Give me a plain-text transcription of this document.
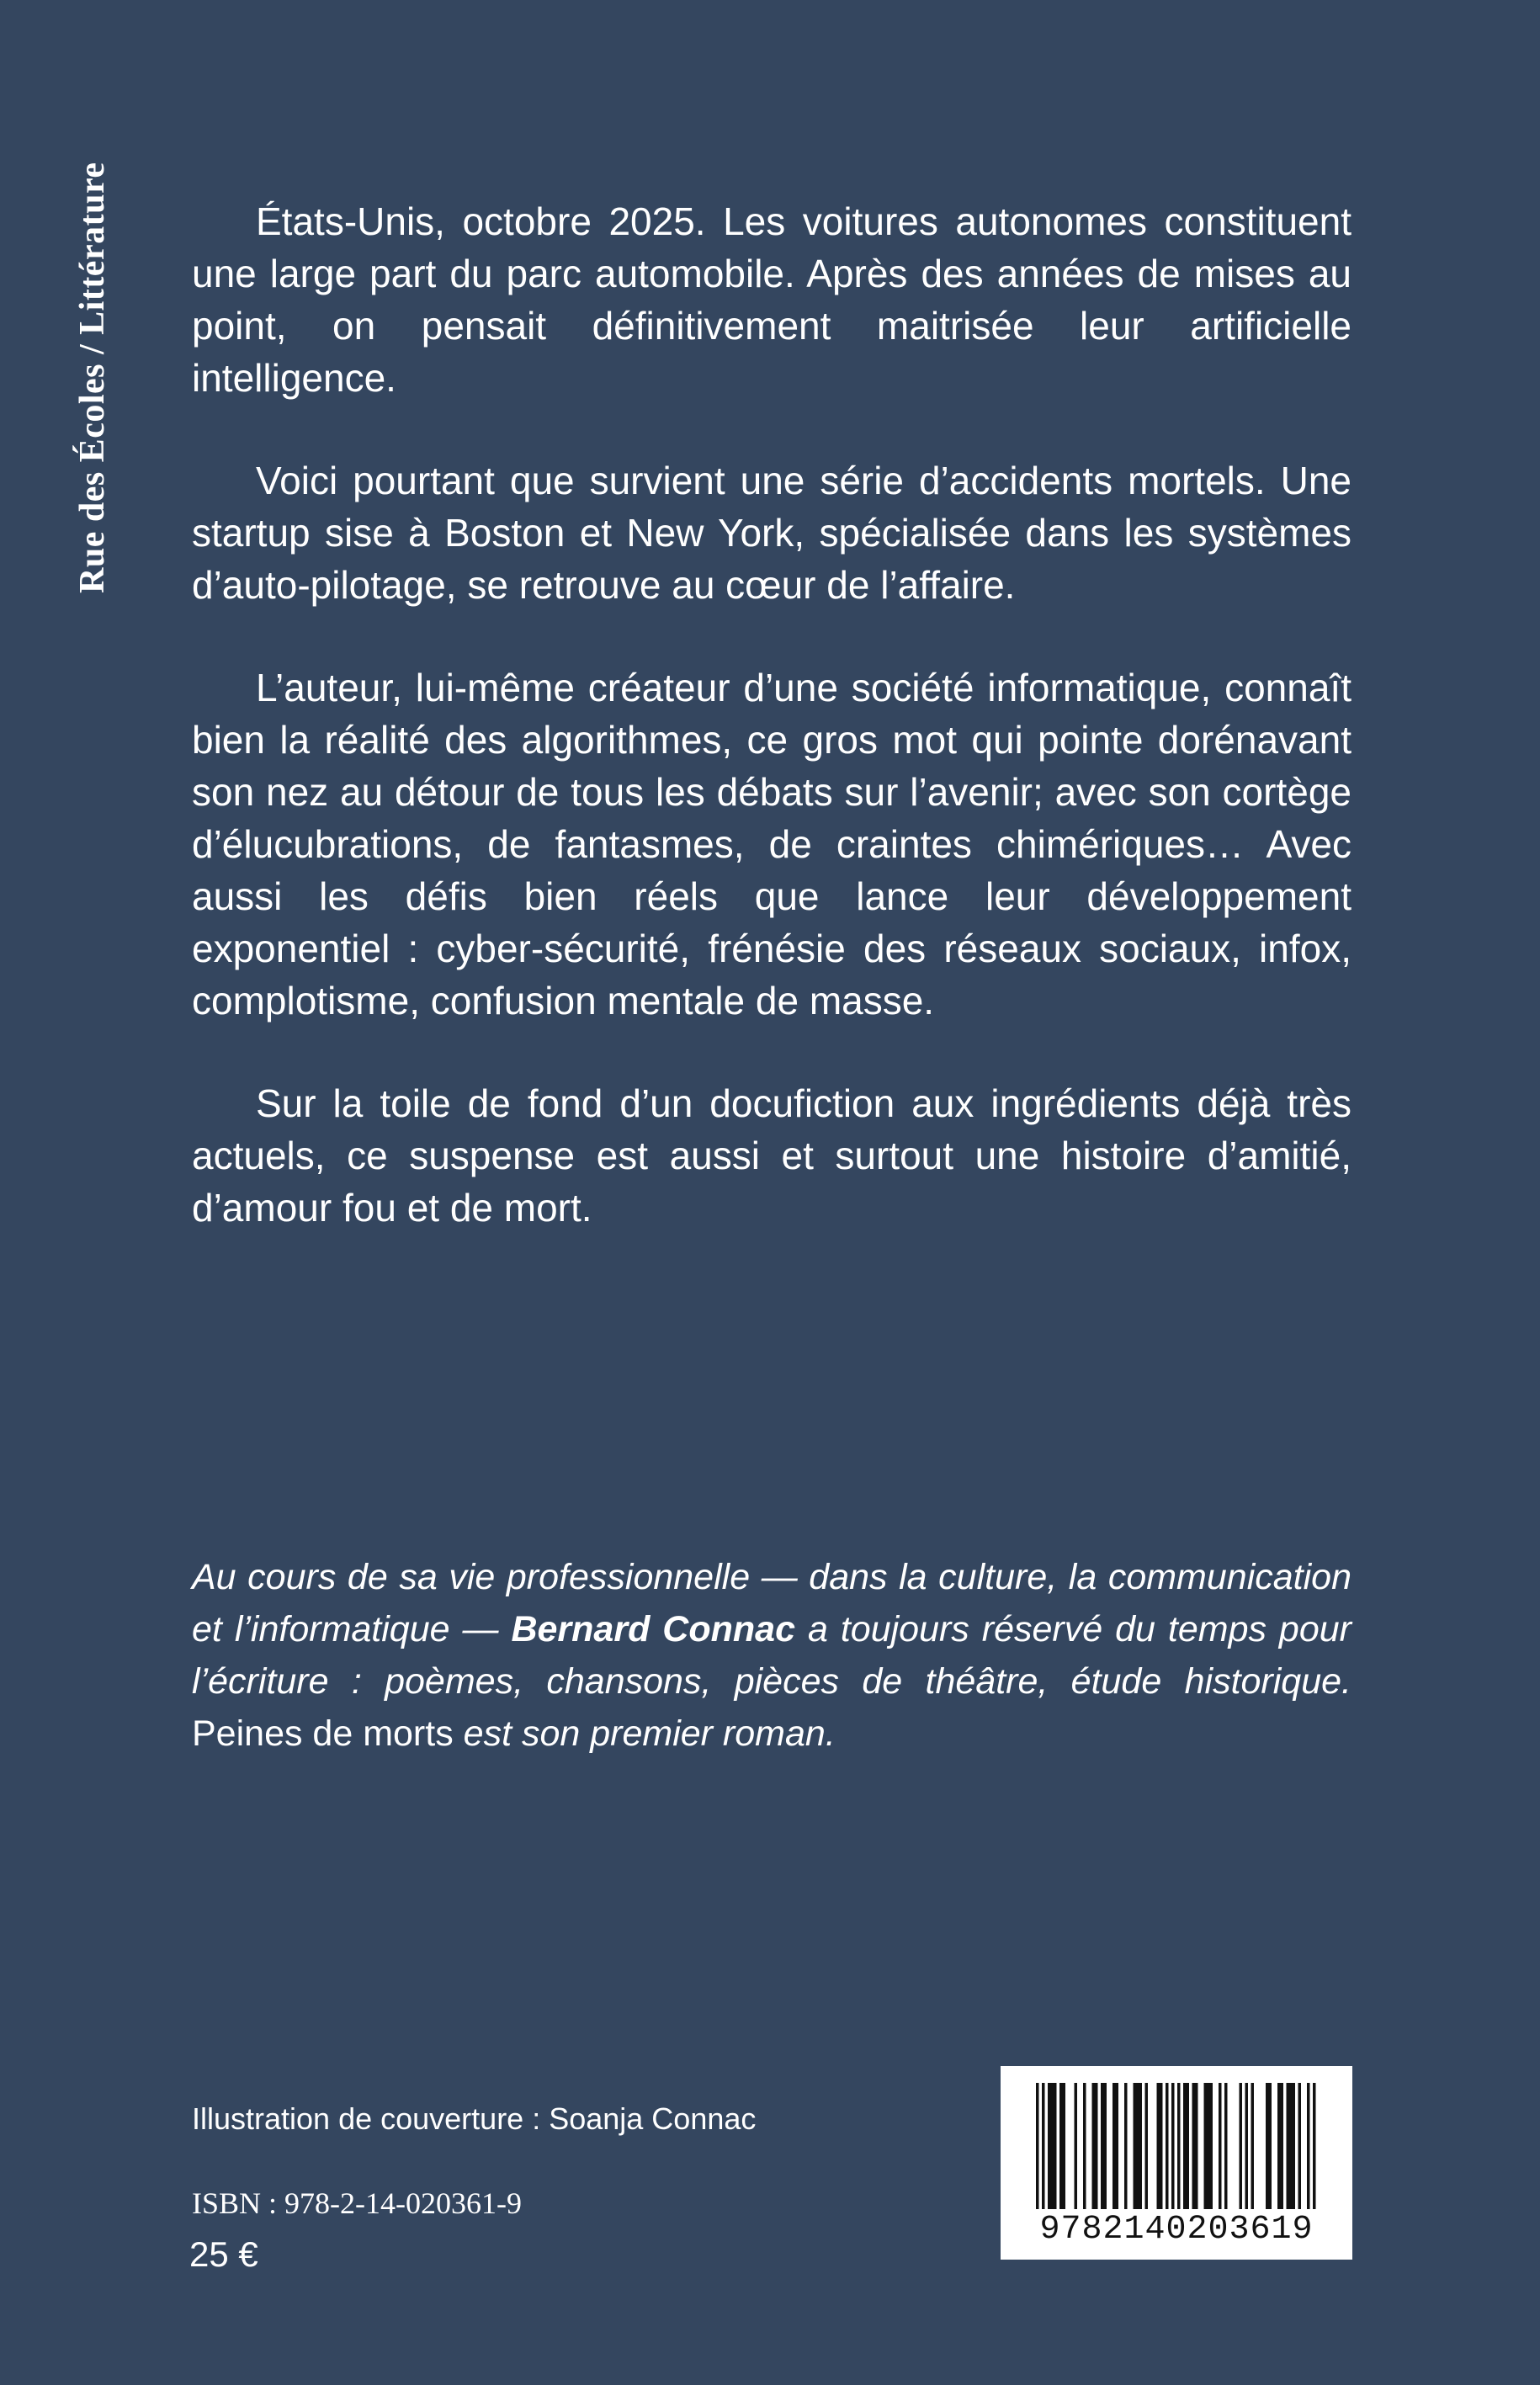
Rue des Écoles / Littérature	États-Unis, octobre 2025. Les voitures autonomes constituent une large part du parc automobile. Après des années de mises au point, on pensait définitivement maitrisée leur artificielle intelligence.

Voici pourtant que survient une série d’accidents mortels. Une startup sise à Boston et New York, spécialisée dans les systèmes d’auto-pilotage, se retrouve au cœur de l’affaire.

L’auteur, lui-même créateur d’une société informatique, connaît bien la réalité des algorithmes, ce gros mot qui pointe dorénavant son nez au détour de tous les débats sur l’avenir; avec son cortège d’élucubrations, de fantasmes, de craintes chimériques… Avec aussi les défis bien réels que lance leur développement exponentiel : cyber-sécurité, frénésie des réseaux sociaux, infox, complotisme, confusion mentale de masse.

Sur la toile de fond d’un docufiction aux ingrédients déjà très actuels, ce suspense est aussi et surtout une histoire d’amitié, d’amour fou et de mort.

Au cours de sa vie professionnelle — dans la culture, la communication et l’informatique — Bernard Connac a toujours réservé du temps pour l’écriture : poèmes, chansons, pièces de théâtre, étude historique. Peines de morts est son premier roman.

Illustration de couverture : Soanja Connac
ISBN : 978-2-14-020361-9
25 €
9782140203619
